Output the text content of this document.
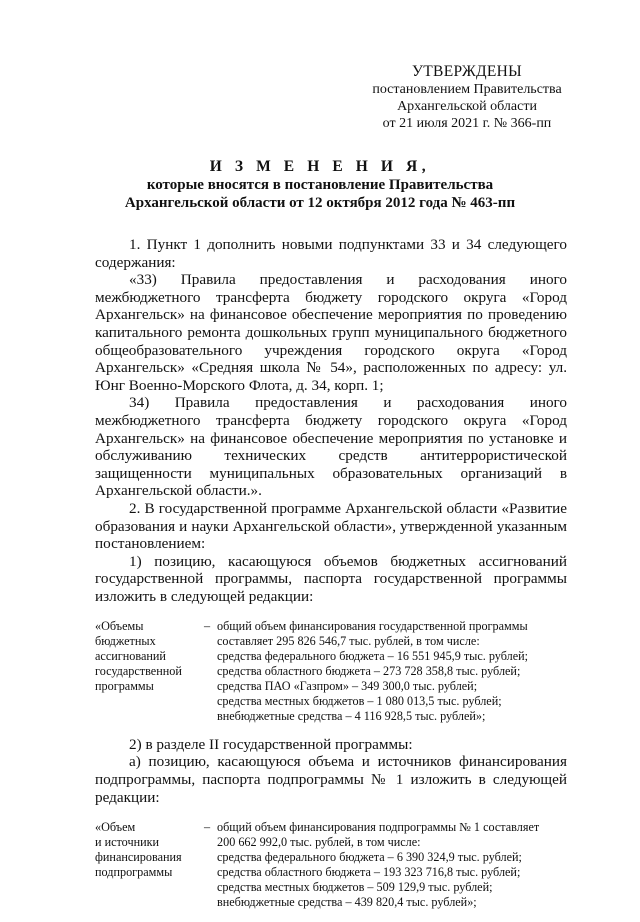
УТВЕРЖДЕНЫ
постановлением Правительства
Архангельской области
от 21 июля 2021 г. № 366-пп
И З М Е Н Е Н И Я,
которые вносятся в постановление Правительства
Архангельской области от 12 октября 2012 года № 463-пп

1. Пункт 1 дополнить новыми подпунктами 33 и 34 следующего содержания:

«33) Правила предоставления и расходования иного межбюджетного трансферта бюджету городского округа «Город Архангельск» на финансовое обеспечение мероприятия по проведению капитального ремонта дошкольных групп муниципального бюджетного общеобразовательного учреждения городского округа «Город Архангельск» «Средняя школа № 54», расположенных по адресу: ул. Юнг Военно-Морского Флота, д. 34, корп. 1;

34) Правила предоставления и расходования иного межбюджетного трансферта бюджету городского округа «Город Архангельск» на финансовое обеспечение мероприятия по установке и обслуживанию технических средств антитеррористической защищенности муниципальных образовательных организаций в Архангельской области.».

2. В государственной программе Архангельской области «Развитие образования и науки Архангельской области», утвержденной указанным постановлением:

1) позицию, касающуюся объемов бюджетных ассигнований государственной программы, паспорта государственной программы изложить в следующей редакции:

«Объемы
бюджетных
ассигнований
государственной
программы
– общий объем финансирования государственной программы
составляет 295 826 546,7 тыс. рублей, в том числе:
средства федерального бюджета – 16 551 945,9 тыс. рублей;
средства областного бюджета – 273 728 358,8 тыс. рублей;
средства ПАО «Газпром» – 349 300,0 тыс. рублей;
средства местных бюджетов – 1 080 013,5 тыс. рублей;
внебюджетные средства – 4 116 928,5 тыс. рублей»;

2) в разделе II государственной программы:

а) позицию, касающуюся объема и источников финансирования подпрограммы, паспорта подпрограммы № 1 изложить в следующей редакции:

«Объем
и источники
финансирования
подпрограммы
– общий объем финансирования подпрограммы № 1 составляет
200 662 992,0 тыс. рублей, в том числе:
средства федерального бюджета – 6 390 324,9 тыс. рублей;
средства областного бюджета – 193 323 716,8 тыс. рублей;
средства местных бюджетов – 509 129,9 тыс. рублей;
внебюджетные средства – 439 820,4 тыс. рублей»;
